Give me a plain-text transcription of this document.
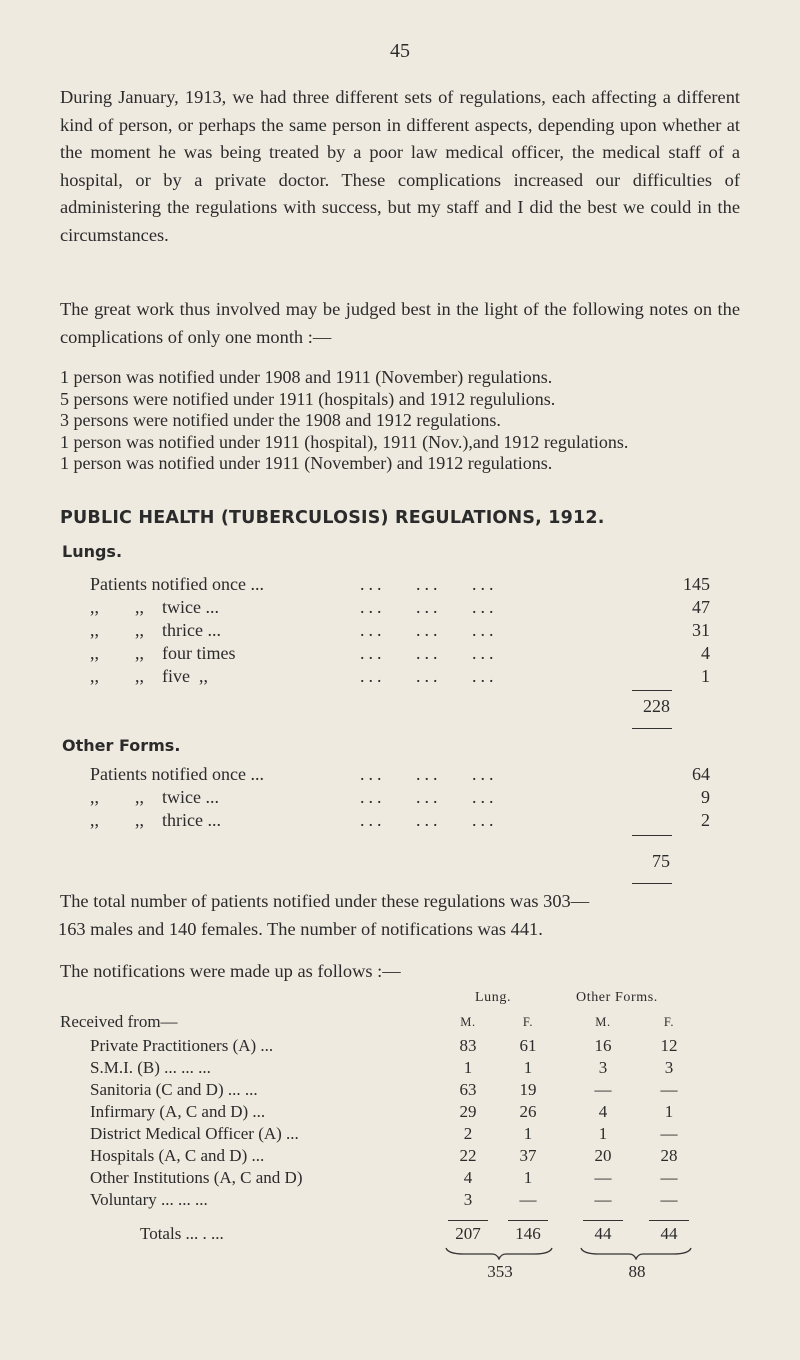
45

During January, 1913, we had three different sets of regulations, each affecting a different kind of person, or perhaps the same person in different aspects, depending upon whether at the moment he was being treated by a poor law medical officer, the medical staff of a hospital, or by a private doctor. These complications increased our difficulties of administering the regulations with success, but my staff and I did the best we could in the circumstances.

The great work thus involved may be judged best in the light of the following notes on the complications of only one month :—

1 person was notified under 1908 and 1911 (November) regulations.
5 persons were notified under 1911 (hospitals) and 1912 regululions.
3 persons were notified under the 1908 and 1912 regulations.
1 person was notified under 1911 (hospital), 1911 (Nov.),and 1912 regulations.
1 person was notified under 1911 (November) and 1912 regulations.
PUBLIC HEALTH (TUBERCULOSIS) REGULATIONS, 1912.
Lungs.
Patients notified once ...	... ... ...	145
,,        ,,    twice ...	... ... ...	47
,,        ,,    thrice ...	... ... ...	31
,,        ,,    four times	... ... ...	4
,,        ,,    five  ,,	... ... ...	1
228
Other Forms.
Patients notified once ...	... ... ...	64
,,        ,,    twice ...	... ... ...	9
,,        ,,    thrice ...	... ... ...	2
75

The total number of patients notified under these regulations was 303—

163 males and 140 females. The number of notifications was 441.

The notifications were made up as follows :—

Lung.	Other Forms.
Received from—	M.	F.	M.	F.
Private Practitioners (A) ...	83	61	16	12
S.M.I. (B) ... ... ...	1	1	3	3
Sanitoria (C and D) ... ...	63	19	—	—
Infirmary (A, C and D) ...	29	26	4	1
District Medical Officer (A) ...	2	1	1	—
Hospitals (A, C and D) ...	22	37	20	28
Other Institutions (A, C and D)	4	1	—	—
Voluntary ... ... ...	3	—	—	—
Totals ... . ...	207	146	44	44
353	88
